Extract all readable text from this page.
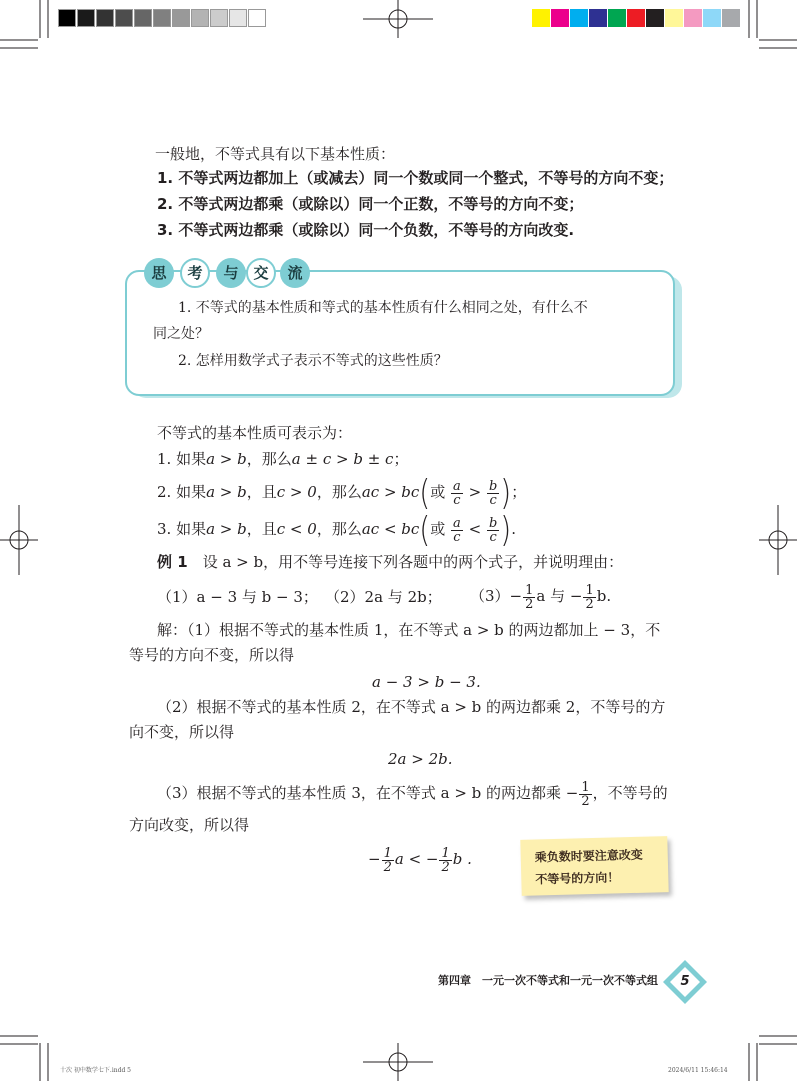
一般地，不等式具有以下基本性质：
1. 不等式两边都加上（或减去）同一个数或同一个整式，不等号的方向不变；
2. 不等式两边都乘（或除以）同一个正数，不等号的方向不变；
3. 不等式两边都乘（或除以）同一个负数，不等号的方向改变.
思	考	与 交	流
1. 不等式的基本性质和等式的基本性质有什么相同之处，有什么不
同之处？
2. 怎样用数学式子表示不等式的这些性质？
不等式的基本性质可表示为：
1. 如果a > b，那么a ± c > b ± c；
2. 如果a > b，且c > 0，那么ac > bc(或 $\frac{a}{c} > \frac{b}{c}$ )；
3. 如果a > b，且c < 0，那么ac < bc(或 $\frac{a}{c} < \frac{b}{c}$ ).
例 1　 设 a > b，用不等号连接下列各题中的两个式子，并说明理由：
（1）a − 3 与 b − 3； （2）2a 与 2b； $(3)- \frac{1}{2}$ a 与 − $\frac{1}{2} b$.
解：（1）根据不等式的基本性质 1，在不等式 a > b 的两边都加上 − 3，不
等号的方向不变，所以得
a − 3 > b − 3.
（2）根据不等式的基本性质 2，在不等式 a > b 的两边都乘 2，不等号的方
向不变，所以得
2a > 2b.
（3）根据不等式的基本性质 3，在不等式 a > b 的两边都乘 − $\frac{1}{2}$ ，不等号的
方向改变，所以得
− $\frac{1}{2}$ a < − $\frac{1}{2}$ b .	乘负数时要注意改变
不等号的方向！
第四章　一元一次不等式和一元一次不等式组	5
十次 初中数学七下.indd 5	2024/6/11 15:46:14
